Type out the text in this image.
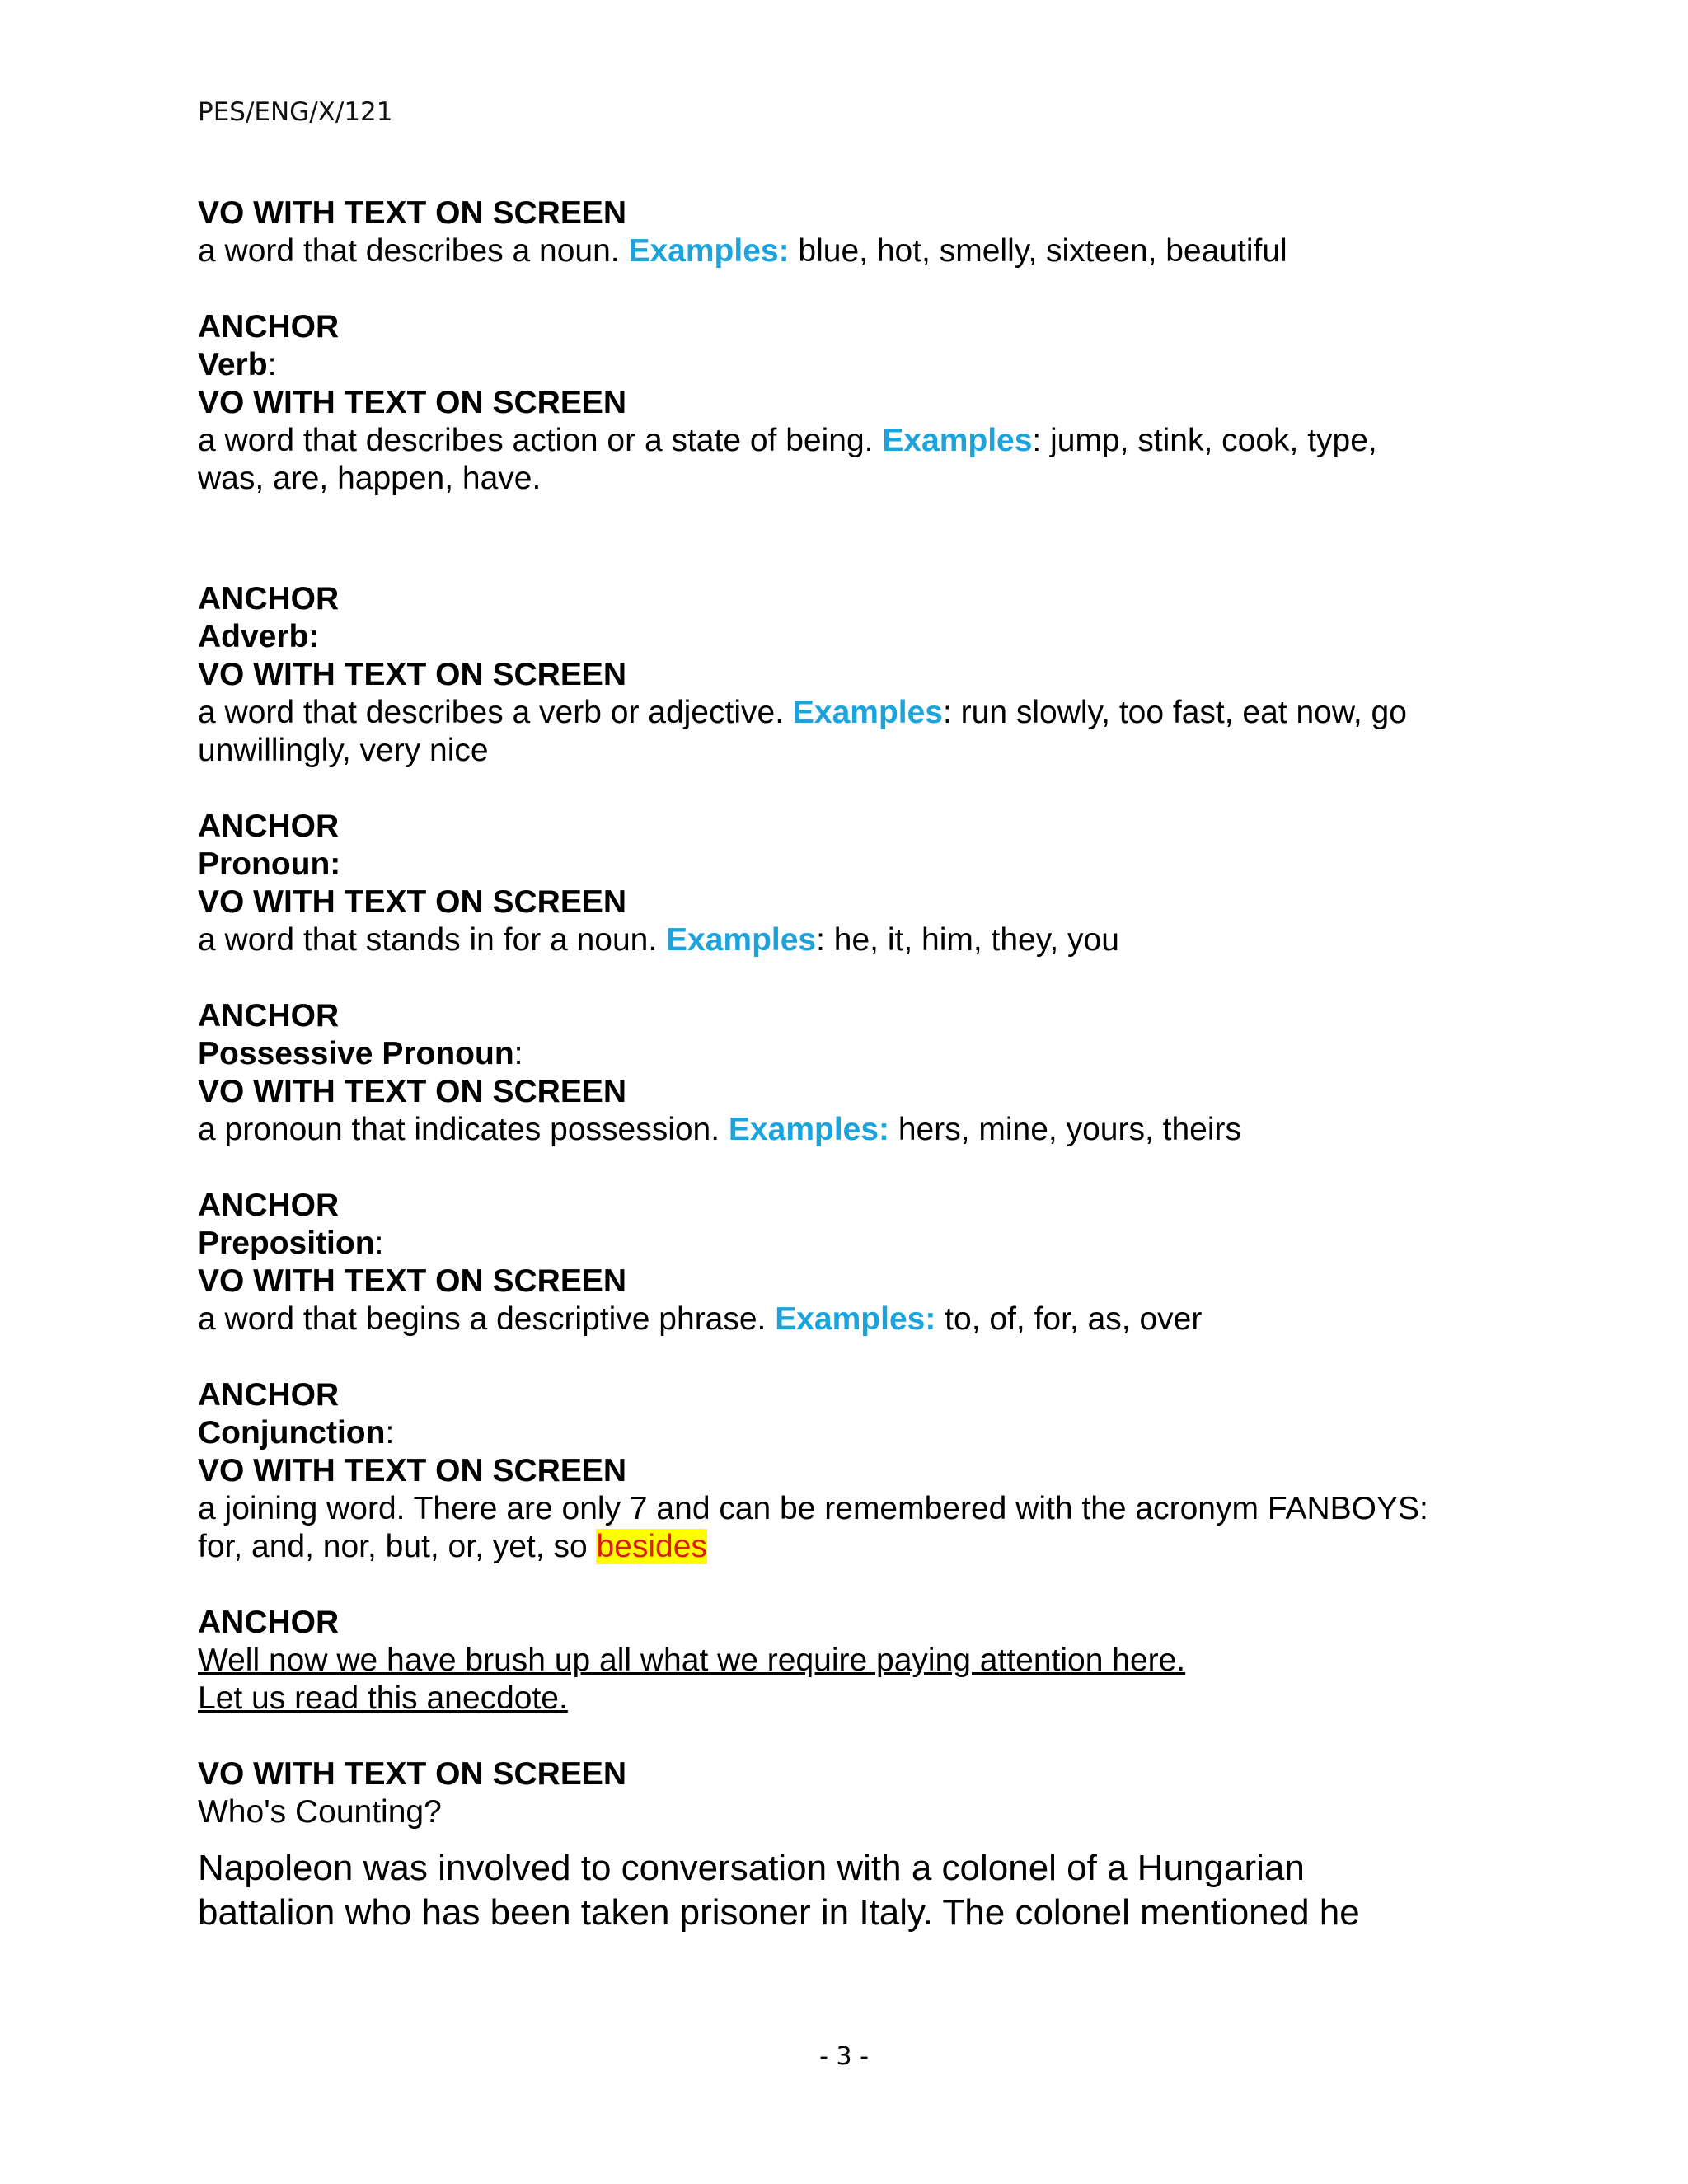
PES/ENG/X/121
VO WITH TEXT ON SCREEN
a word that describes a noun. Examples: blue, hot, smelly, sixteen, beautiful
ANCHOR
Verb:
VO WITH TEXT ON SCREEN
a word that describes action or a state of being. Examples: jump, stink, cook, type,
was, are, happen, have.
ANCHOR
Adverb:
VO WITH TEXT ON SCREEN
a word that describes a verb or adjective. Examples: run slowly, too fast, eat now, go
unwillingly, very nice
ANCHOR
Pronoun:
VO WITH TEXT ON SCREEN
a word that stands in for a noun. Examples: he, it, him, they, you
ANCHOR
Possessive Pronoun:
VO WITH TEXT ON SCREEN
a pronoun that indicates possession. Examples: hers, mine, yours, theirs
ANCHOR
Preposition:
VO WITH TEXT ON SCREEN
a word that begins a descriptive phrase. Examples: to, of, for, as, over
ANCHOR
Conjunction:
VO WITH TEXT ON SCREEN
a joining word. There are only 7 and can be remembered with the acronym FANBOYS:
for, and, nor, but, or, yet, so besides
ANCHOR
Well now we have brush up all what we require paying attention here.
Let us read this anecdote.
VO WITH TEXT ON SCREEN
Who's Counting?
Napoleon was involved to conversation with a colonel of a Hungarian
battalion who has been taken prisoner in Italy. The colonel mentioned he
- 3 -
